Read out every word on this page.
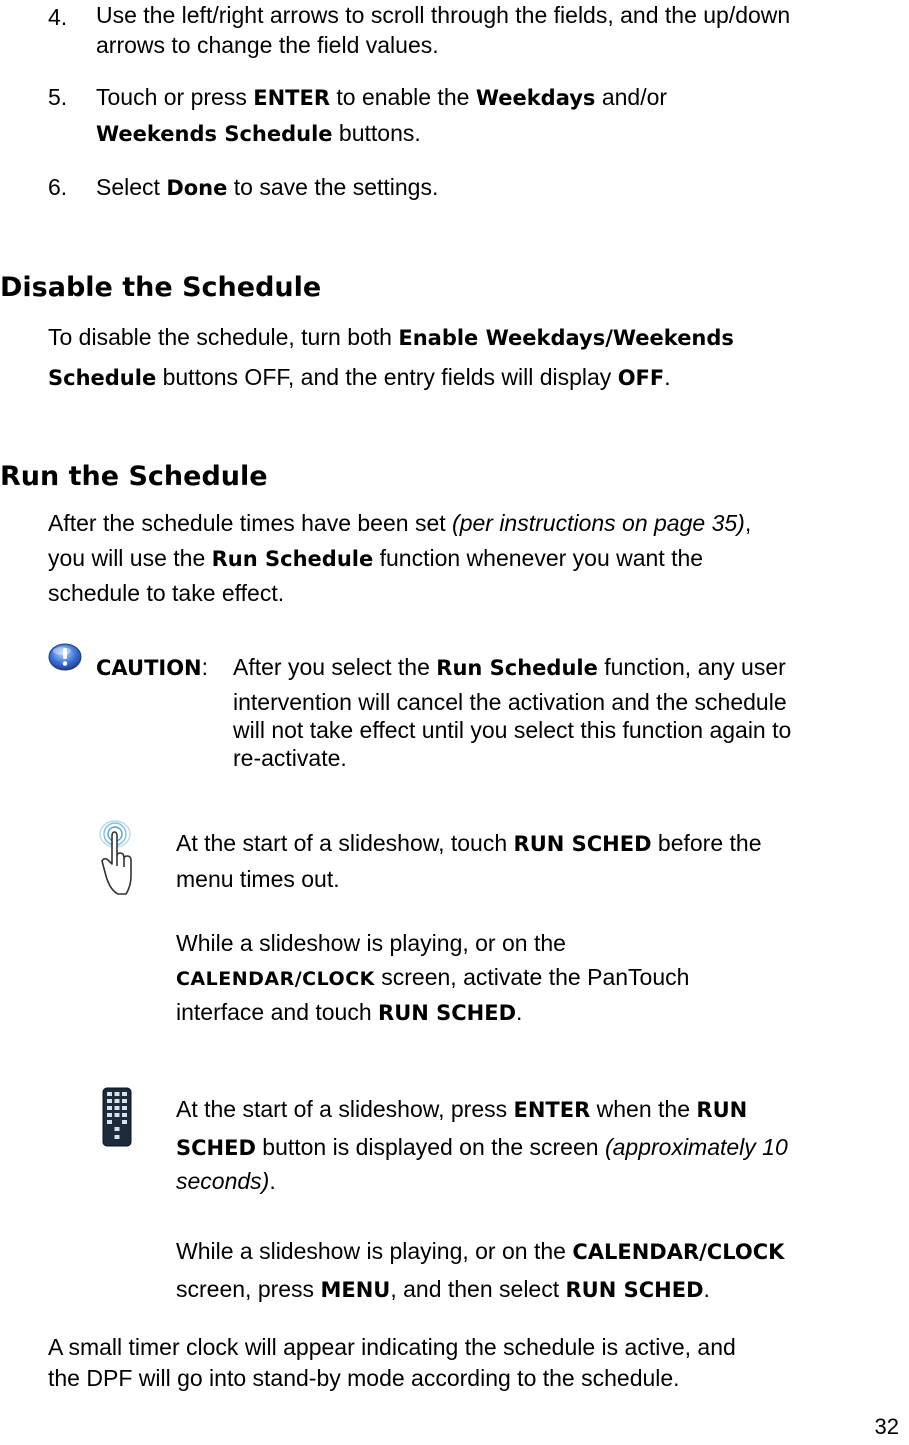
4. Use the left/right arrows to scroll through the fields, and the up/down arrows to change the field values.
5. Touch or press ENTER to enable the Weekdays and/or
Weekends Schedule buttons.
6. Select Done to save the settings.
Disable the Schedule
To disable the schedule, turn both Enable Weekdays/Weekends
Schedule buttons OFF, and the entry fields will display OFF.
Run the Schedule
After the schedule times have been set (per instructions on page 35),
you will use the Run Schedule function whenever you want the
schedule to take effect.
CAUTION: After you select the Run Schedule function, any user
intervention will cancel the activation and the schedule
will not take effect until you select this function again to
re-activate.
At the start of a slideshow, touch RUN SCHED before the
menu times out.
While a slideshow is playing, or on the
CALENDAR/CLOCK screen, activate the PanTouch
interface and touch RUN SCHED.
At the start of a slideshow, press ENTER when the RUN
SCHED button is displayed on the screen (approximately 10
seconds).
While a slideshow is playing, or on the CALENDAR/CLOCK
screen, press MENU, and then select RUN SCHED.
A small timer clock will appear indicating the schedule is active, and
the DPF will go into stand-by mode according to the schedule.
32
